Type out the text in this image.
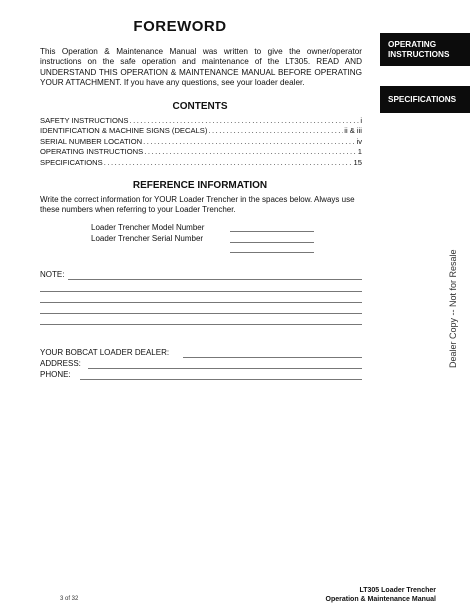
FOREWORD
This Operation & Maintenance Manual was written to give the owner/operator instructions on the safe operation and maintenance of the LT305. READ AND UNDERSTAND THIS OPERATION & MAINTENANCE MANUAL BEFORE OPERATING YOUR ATTACHMENT. If you have any questions, see your loader dealer.
CONTENTS
SAFETY INSTRUCTIONS .....	i
IDENTIFICATION & MACHINE SIGNS (DECALS) .....	ii & iii
SERIAL NUMBER LOCATION .....	iv
OPERATING INSTRUCTIONS .....	1
SPECIFICATIONS .....	15
REFERENCE INFORMATION
Write the correct information for YOUR Loader Trencher in the spaces below. Always use these numbers when referring to your Loader Trencher.
Loader Trencher Model Number
Loader Trencher Serial Number
NOTE:
YOUR BOBCAT LOADER DEALER:
ADDRESS:
PHONE:
OPERATING INSTRUCTIONS
SPECIFICATIONS
Dealer Copy -- Not for Resale
3 of 32
LT305 Loader Trencher
Operation & Maintenance Manual
